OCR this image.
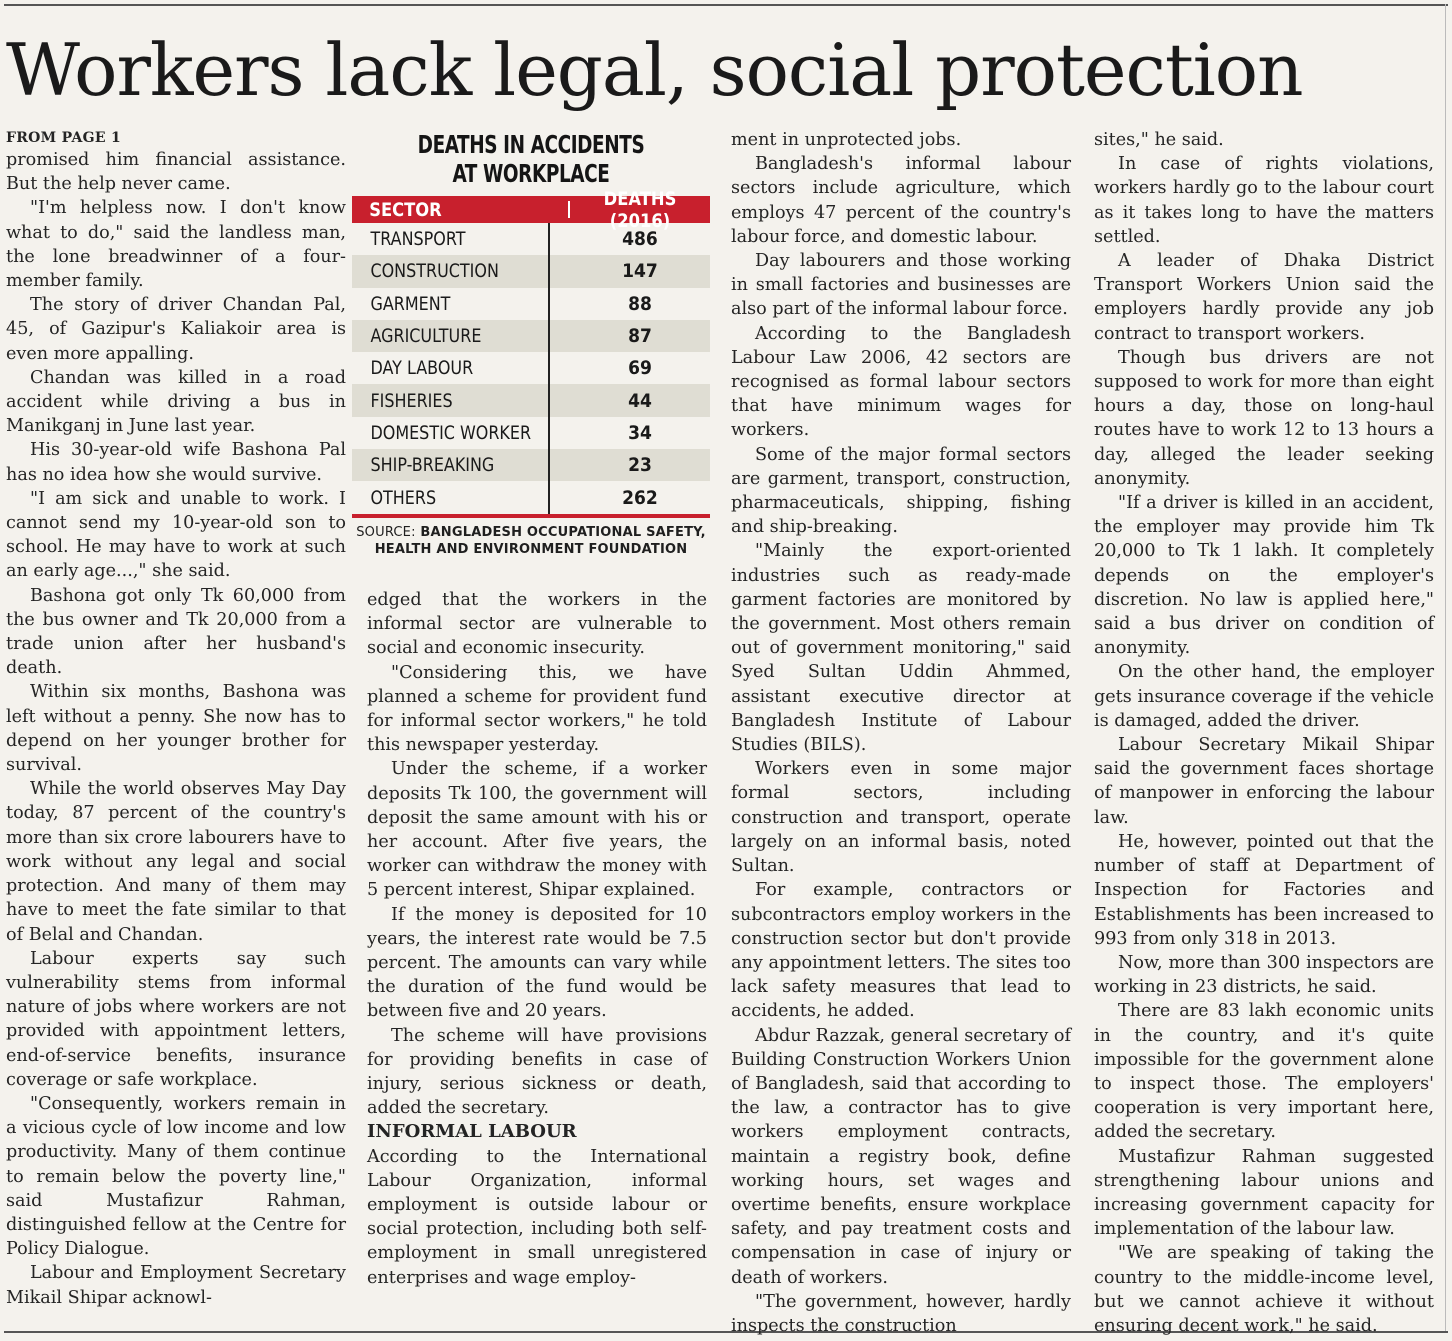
Workers lack legal, social protection
FROM PAGE 1

promised him financial assistance. But the help never came.

"I'm helpless now. I don't know what to do," said the landless man, the lone breadwinner of a four-member family.

The story of driver Chandan Pal, 45, of Gazipur's Kaliakoir area is even more appalling.

Chandan was killed in a road accident while driving a bus in Manikganj in June last year.

His 30-year-old wife Bashona Pal has no idea how she would survive.

"I am sick and unable to work. I cannot send my 10-year-old son to school. He may have to work at such an early age...," she said.

Bashona got only Tk 60,000 from the bus owner and Tk 20,000 from a trade union after her husband's death.

Within six months, Bashona was left without a penny. She now has to depend on her younger brother for survival.

While the world observes May Day today, 87 percent of the country's more than six crore labourers have to work without any legal and social protection. And many of them may have to meet the fate similar to that of Belal and Chandan.

Labour experts say such vulnerability stems from informal nature of jobs where workers are not provided with appointment letters, end-of-service benefits, insurance coverage or safe workplace.

"Consequently, workers remain in a vicious cycle of low income and low productivity. Many of them continue to remain below the poverty line," said Mustafizur Rahman, distinguished fellow at the Centre for Policy Dialogue.

Labour and Employment Secretary Mikail Shipar acknowl-

DEATHS IN ACCIDENTS
AT WORKPLACE
SECTOR	DEATHS (2016)
TRANSPORT	486
CONSTRUCTION	147
GARMENT	88
AGRICULTURE	87
DAY LABOUR	69
FISHERIES	44
DOMESTIC WORKER	34
SHIP-BREAKING	23
OTHERS	262
SOURCE: BANGLADESH OCCUPATIONAL SAFETY, HEALTH AND ENVIRONMENT FOUNDATION

edged that the workers in the informal sector are vulnerable to social and economic insecurity.

"Considering this, we have planned a scheme for provident fund for informal sector workers," he told this newspaper yesterday.

Under the scheme, if a worker deposits Tk 100, the government will deposit the same amount with his or her account. After five years, the worker can withdraw the money with 5 percent interest, Shipar explained.

If the money is deposited for 10 years, the interest rate would be 7.5 percent. The amounts can vary while the duration of the fund would be between five and 20 years.

The scheme will have provisions for providing benefits in case of injury, serious sickness or death, added the secretary.

INFORMAL LABOUR

According to the International Labour Organization, informal employment is outside labour or social protection, including both self-employment in small unregistered enterprises and wage employ-

ment in unprotected jobs.

Bangladesh's informal labour sectors include agriculture, which employs 47 percent of the country's labour force, and domestic labour.

Day labourers and those working in small factories and businesses are also part of the informal labour force.

According to the Bangladesh Labour Law 2006, 42 sectors are recognised as formal labour sectors that have minimum wages for workers.

Some of the major formal sectors are garment, transport, construction, pharmaceuticals, shipping, fishing and ship-breaking.

"Mainly the export-oriented industries such as ready-made garment factories are monitored by the government. Most others remain out of government monitoring," said Syed Sultan Uddin Ahmmed, assistant executive director at Bangladesh Institute of Labour Studies (BILS).

Workers even in some major formal sectors, including construction and transport, operate largely on an informal basis, noted Sultan.

For example, contractors or subcontractors employ workers in the construction sector but don't provide any appointment letters. The sites too lack safety measures that lead to accidents, he added.

Abdur Razzak, general secretary of Building Construction Workers Union of Bangladesh, said that according to the law, a contractor has to give workers employment contracts, maintain a registry book, define working hours, set wages and overtime benefits, ensure workplace safety, and pay treatment costs and compensation in case of injury or death of workers.

"The government, however, hardly inspects the construction

sites," he said.

In case of rights violations, workers hardly go to the labour court as it takes long to have the matters settled.

A leader of Dhaka District Transport Workers Union said the employers hardly provide any job contract to transport workers.

Though bus drivers are not supposed to work for more than eight hours a day, those on long-haul routes have to work 12 to 13 hours a day, alleged the leader seeking anonymity.

"If a driver is killed in an accident, the employer may provide him Tk 20,000 to Tk 1 lakh. It completely depends on the employer's discretion. No law is applied here," said a bus driver on condition of anonymity.

On the other hand, the employer gets insurance coverage if the vehicle is damaged, added the driver.

Labour Secretary Mikail Shipar said the government faces shortage of manpower in enforcing the labour law.

He, however, pointed out that the number of staff at Department of Inspection for Factories and Establishments has been increased to 993 from only 318 in 2013.

Now, more than 300 inspectors are working in 23 districts, he said.

There are 83 lakh economic units in the country, and it's quite impossible for the government alone to inspect those. The employers' cooperation is very important here, added the secretary.

Mustafizur Rahman suggested strengthening labour unions and increasing government capacity for implementation of the labour law.

"We are speaking of taking the country to the middle-income level, but we cannot achieve it without ensuring decent work," he said.
